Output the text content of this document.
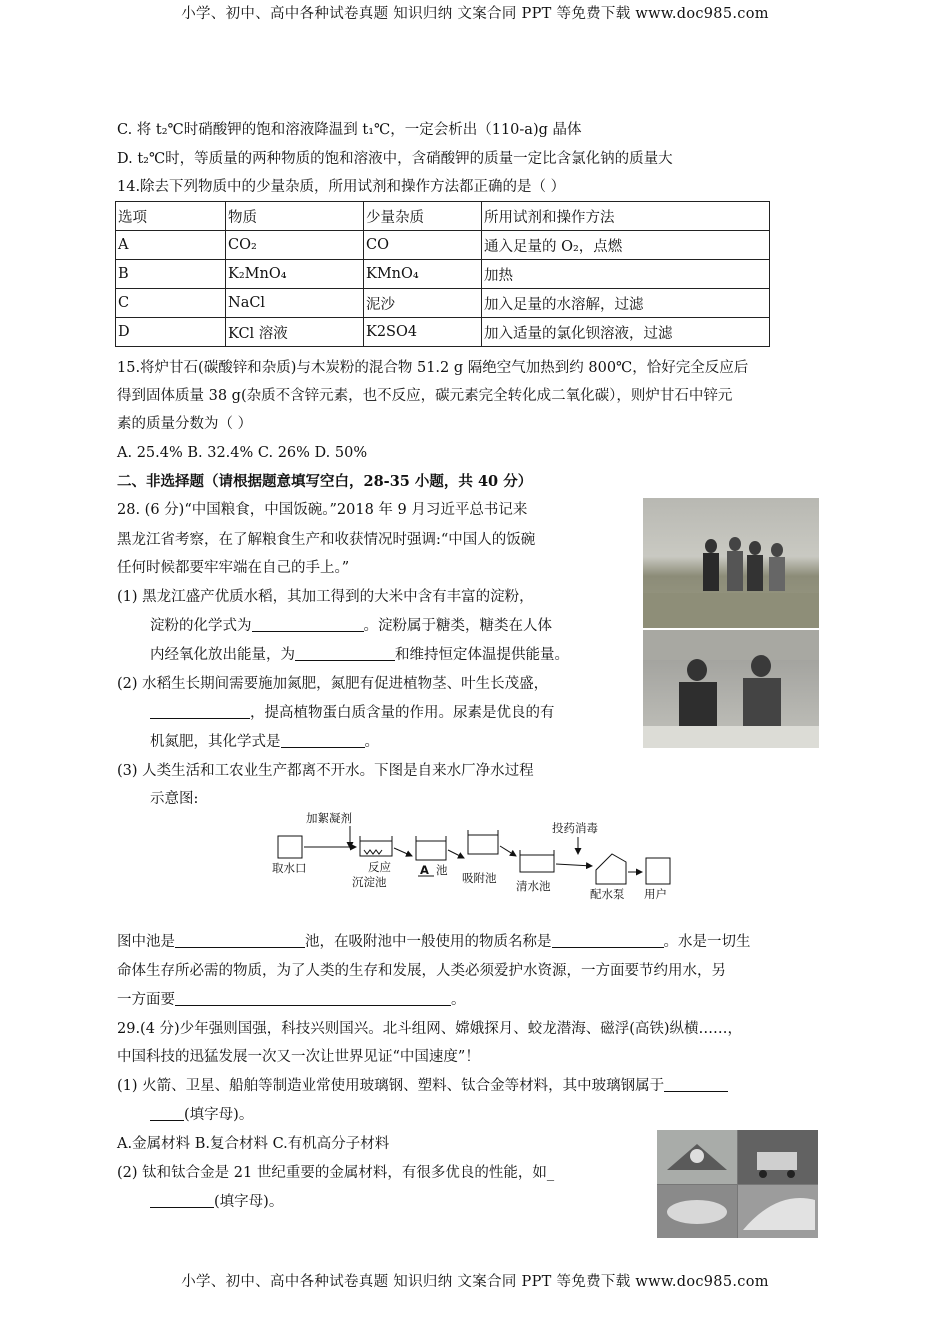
小学、初中、高中各种试卷真题 知识归纳 文案合同 PPT 等免费下载 www.doc985.com
C. 将 t₂℃时硝酸钾的饱和溶液降温到 t₁℃，一定会析出（110-a)g 晶体
D. t₂℃时，等质量的两种物质的饱和溶液中，含硝酸钾的质量一定比含氯化钠的质量大
14.除去下列物质中的少量杂质，所用试剂和操作方法都正确的是（ ）
选项	物质	少量杂质	所用试剂和操作方法
A	CO₂	CO	通入足量的 O₂，点燃
B	K₂MnO₄	KMnO₄	加热
C	NaCl	泥沙	加入足量的水溶解，过滤
D	KCl 溶液	K2SO4	加入适量的氯化钡溶液，过滤
15.将炉甘石(碳酸锌和杂质)与木炭粉的混合物 51.2 g 隔绝空气加热到约 800℃，恰好完全反应后
得到固体质量 38 g(杂质不含锌元素，也不反应，碳元素完全转化成二氧化碳），则炉甘石中锌元
素的质量分数为（ ）
A. 25.4% B. 32.4% C. 26% D. 50%
二、非选择题（请根据题意填写空白，28-35 小题，共 40 分）
28. (6 分)“中国粮食，中国饭碗。”2018 年 9 月习近平总书记来
黑龙江省考察，在了解粮食生产和收获情况时强调:“中国人的饭碗
任何时候都要牢牢端在自己的手上。”
(1) 黑龙江盛产优质水稻，其加工得到的大米中含有丰富的淀粉，
淀粉的化学式为	。淀粉属于糖类，糖类在人体
内经氧化放出能量，为	和维持恒定体温提供能量。
(2) 水稻生长期间需要施加氮肥，氮肥有促进植物茎、叶生长茂盛，
，提高植物蛋白质含量的作用。尿素是优良的有
机氮肥，其化学式是	。
(3) 人类生活和工农业生产都离不开水。下图是自来水厂净水过程
示意图:
加絮凝剂
投药消毒
取水口	反应
沉淀池
A 池
吸附池
清水池
配水泵 用户
图中池是	池，在吸附池中一般使用的物质名称是	。水是一切生
命体生存所必需的物质，为了人类的生存和发展，人类必须爱护水资源，一方面要节约用水，另
一方面要	。
29.(4 分)少年强则国强，科技兴则国兴。北斗组网、嫦娥探月、蛟龙潜海、磁浮(高铁)纵横……，
中国科技的迅猛发展一次又一次让世界见证“中国速度”！
(1) 火箭、卫星、船舶等制造业常使用玻璃钢、塑料、钛合金等材料，其中玻璃钢属于
(填字母)。
A.金属材料 B.复合材料 C.有机高分子材料
(2) 钛和钛合金是 21 世纪重要的金属材料，有很多优良的性能，如_
(填字母)。
小学、初中、高中各种试卷真题 知识归纳 文案合同 PPT 等免费下载 www.doc985.com
